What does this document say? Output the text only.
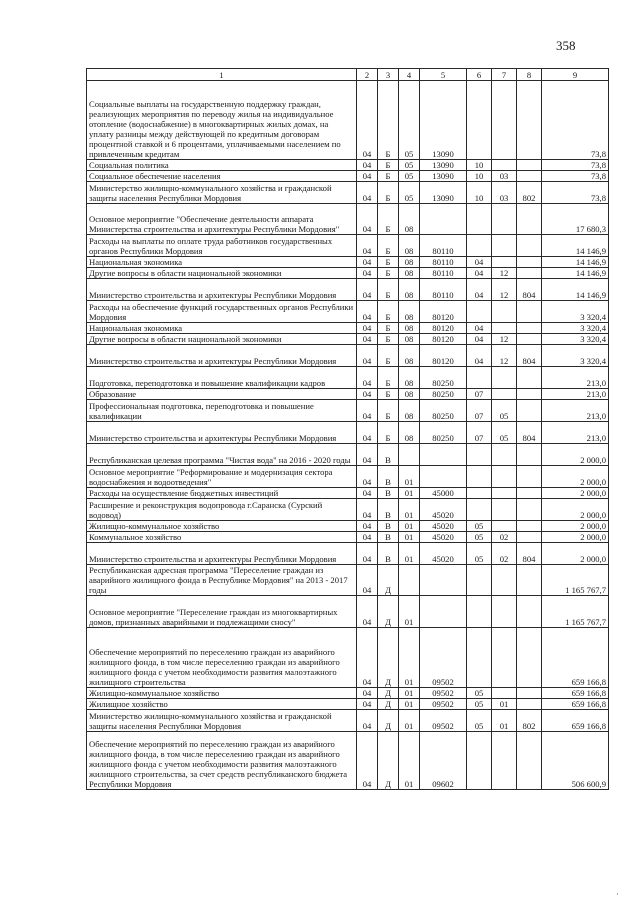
358
1	2	3	4	5	6	7	8	9
Социальные выплаты на государственную поддержку граждан, реализующих мероприятия по переводу жилья на индивидуальное отопление (водоснабжение) в многоквартирных жилых домах, на уплату разницы между действующей по кредитным договорам процентной ставкой и 6 процентами, уплачиваемыми населением по привлеченным кредитам	04	Б	05	13090				73,8
Социальная политика	04	Б	05	13090	10			73,8
Социальное обеспечение населения	04	Б	05	13090	10	03		73,8
Министерство жилищно-коммунального хозяйства и гражданской защиты населения Республики Мордовия	04	Б	05	13090	10	03	802	73,8
Основное мероприятие "Обеспечение деятельности аппарата Министерства строительства и архитектуры Республики Мордовия"	04	Б	08					17 680,3
Расходы на выплаты по оплате труда работников государственных органов Республики Мордовия	04	Б	08	80110				14 146,9
Национальная экономика	04	Б	08	80110	04			14 146,9
Другие вопросы в области национальной экономики	04	Б	08	80110	04	12		14 146,9
Министерство строительства и архитектуры Республики Мордовия	04	Б	08	80110	04	12	804	14 146,9
Расходы на обеспечение функций государственных органов Республики Мордовия	04	Б	08	80120				3 320,4
Национальная экономика	04	Б	08	80120	04			3 320,4
Другие вопросы в области национальной экономики	04	Б	08	80120	04	12		3 320,4
Министерство строительства и архитектуры Республики Мордовия	04	Б	08	80120	04	12	804	3 320,4
Подготовка, переподготовка и повышение квалификации кадров	04	Б	08	80250				213,0
Образование	04	Б	08	80250	07			213,0
Профессиональная подготовка, переподготовка и повышение квалификации	04	Б	08	80250	07	05		213,0
Министерство строительства и архитектуры Республики Мордовия	04	Б	08	80250	07	05	804	213,0
Республиканская целевая программа "Чистая вода" на 2016 - 2020 годы	04	В						2 000,0
Основное мероприятие "Реформирование и модернизация сектора водоснабжения и водоотведения"	04	В	01					2 000,0
Расходы на осуществление бюджетных инвестиций	04	В	01	45000				2 000,0
Расширение и реконструкция водопровода г.Саранска (Сурский водовод)	04	В	01	45020				2 000,0
Жилищно-коммунальное хозяйство	04	В	01	45020	05			2 000,0
Коммунальное хозяйство	04	В	01	45020	05	02		2 000,0
Министерство строительства и архитектуры Республики Мордовия	04	В	01	45020	05	02	804	2 000,0
Республиканская адресная программа "Переселение граждан из аварийного жилищного фонда в Республике Мордовия" на 2013 - 2017 годы	04	Д						1 165 767,7
Основное мероприятие "Переселение граждан из многоквартирных домов, признанных аварийными и подлежащими сносу"	04	Д	01					1 165 767,7
Обеспечение мероприятий по переселению граждан из аварийного жилищного фонда, в том числе переселению граждан из аварийного жилищного фонда с учетом необходимости развития малоэтажного жилищного строительства	04	Д	01	09502				659 166,8
Жилищно-коммунальное хозяйство	04	Д	01	09502	05			659 166,8
Жилищное хозяйство	04	Д	01	09502	05	01		659 166,8
Министерство жилищно-коммунального хозяйства и гражданской защиты населения Республики Мордовия	04	Д	01	09502	05	01	802	659 166,8
Обеспечение мероприятий по переселению граждан из аварийного жилищного фонда, в том числе переселению граждан из аварийного жилищного фонда с учетом необходимости развития малоэтажного жилищного строительства, за счет средств республиканского бюджета Республики Мордовия	04	Д	01	09602				506 600,9
·
